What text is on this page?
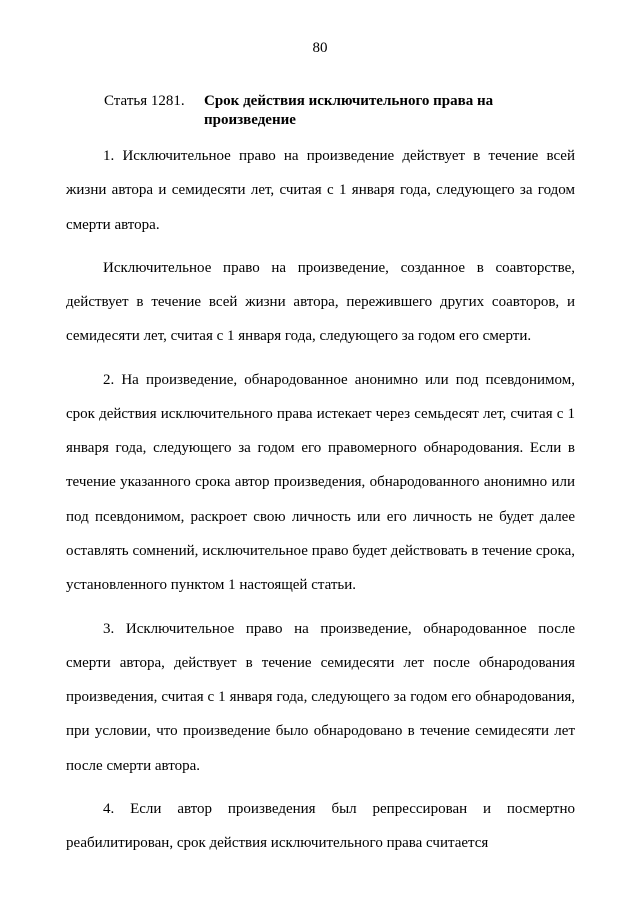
80
Статья 1281.	Срок действия исключительного права на произведение

1. Исключительное право на произведение действует в течение всей жизни автора и семидесяти лет, считая с 1 января года, следующего за годом смерти автора.

Исключительное право на произведение, созданное в соавторстве, действует в течение всей жизни автора, пережившего других соавторов, и семидесяти лет, считая с 1 января года, следующего за годом его смерти.

2. На произведение, обнародованное анонимно или под псевдонимом, срок действия исключительного права истекает через семьдесят лет, считая с 1 января года, следующего за годом его правомерного обнародования. Если в течение указанного срока автор произведения, обнародованного анонимно или под псевдонимом, раскроет свою личность или его личность не будет далее оставлять сомнений, исключительное право будет действовать в течение срока, установленного пунктом 1 настоящей статьи.

3. Исключительное право на произведение, обнародованное после смерти автора, действует в течение семидесяти лет после обнародования произведения, считая с 1 января года, следующего за годом его обнародования, при условии, что произведение было обнародовано в течение семидесяти лет после смерти автора.

4. Если автор произведения был репрессирован и посмертно реабилитирован, срок действия исключительного права считается
